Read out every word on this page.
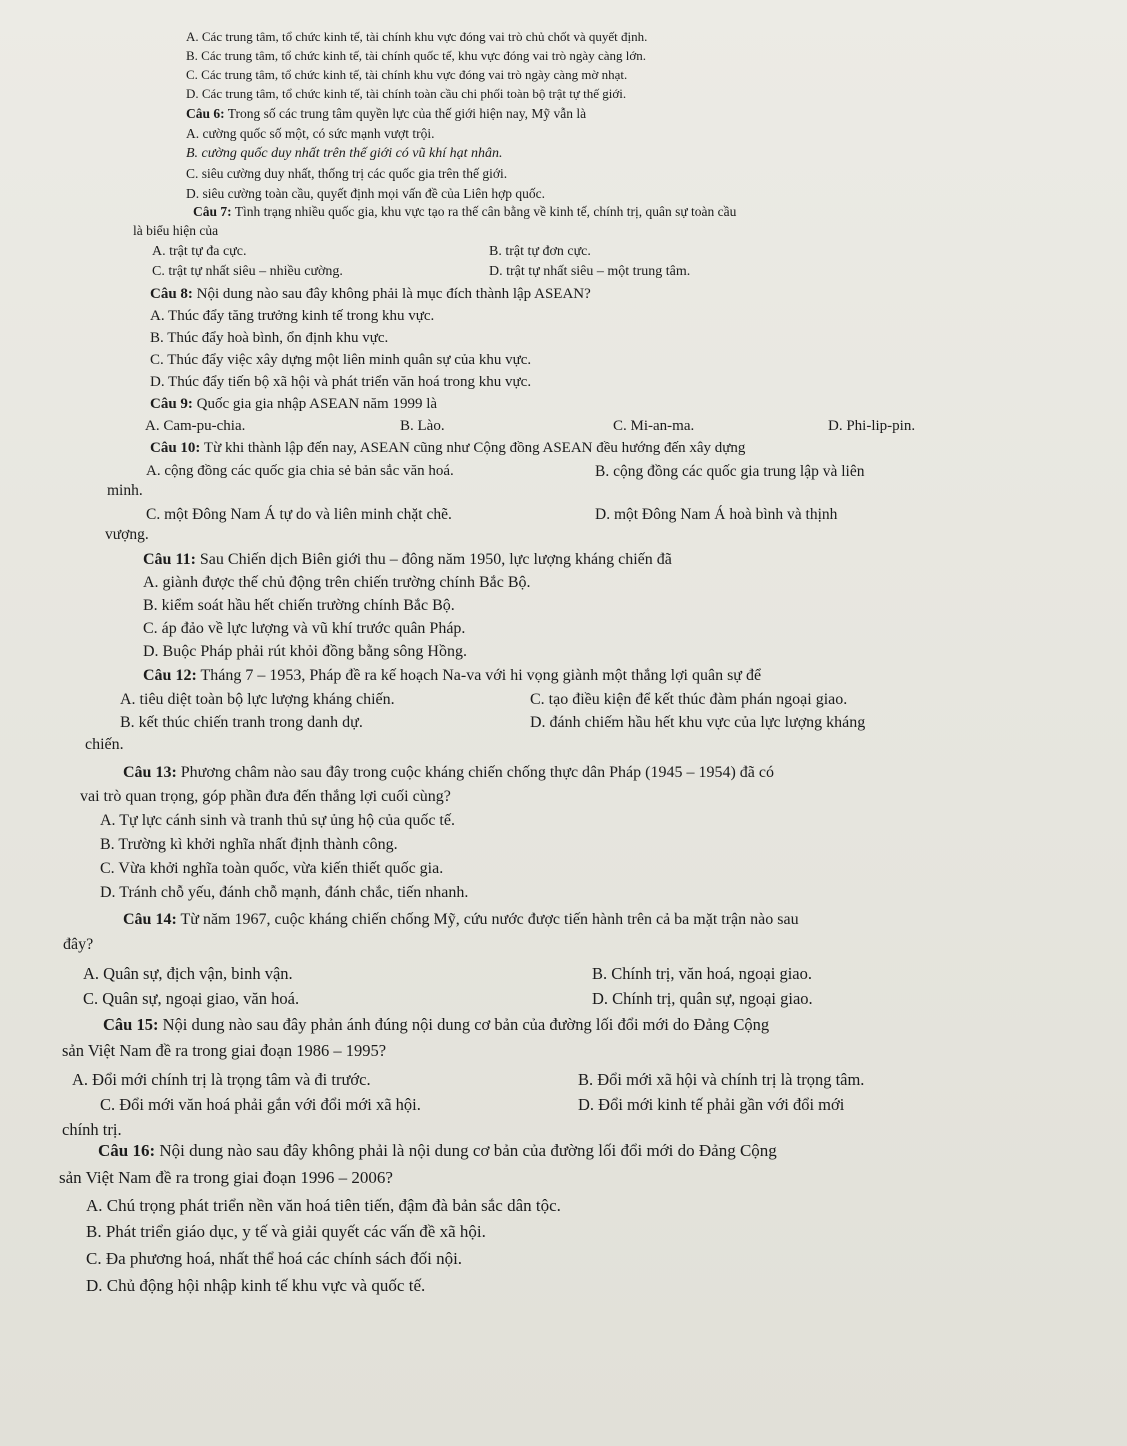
A. Các trung tâm, tổ chức kinh tế, tài chính khu vực đóng vai trò chủ chốt và quyết định.
B. Các trung tâm, tổ chức kinh tế, tài chính quốc tế, khu vực đóng vai trò ngày càng lớn.
C. Các trung tâm, tổ chức kinh tế, tài chính khu vực đóng vai trò ngày càng mờ nhạt.
D. Các trung tâm, tổ chức kinh tế, tài chính toàn cầu chi phối toàn bộ trật tự thế giới.
Câu 6: Trong số các trung tâm quyền lực của thế giới hiện nay, Mỹ vẫn là
A. cường quốc số một, có sức mạnh vượt trội.
B. cường quốc duy nhất trên thế giới có vũ khí hạt nhân.
C. siêu cường duy nhất, thống trị các quốc gia trên thế giới.
D. siêu cường toàn cầu, quyết định mọi vấn đề của Liên hợp quốc.
Câu 7: Tình trạng nhiều quốc gia, khu vực tạo ra thế cân bằng về kinh tế, chính trị, quân sự toàn cầu
là biểu hiện của
A. trật tự đa cực.	B. trật tự đơn cực.
C. trật tự nhất siêu – nhiều cường.	D. trật tự nhất siêu – một trung tâm.
Câu 8: Nội dung nào sau đây không phải là mục đích thành lập ASEAN?
A. Thúc đẩy tăng trưởng kinh tế trong khu vực.
B. Thúc đẩy hoà bình, ổn định khu vực.
C. Thúc đẩy việc xây dựng một liên minh quân sự của khu vực.
D. Thúc đẩy tiến bộ xã hội và phát triển văn hoá trong khu vực.
Câu 9: Quốc gia gia nhập ASEAN năm 1999 là
A. Cam-pu-chia.	B. Lào.	C. Mi-an-ma.	D. Phi-lip-pin.
Câu 10: Từ khi thành lập đến nay, ASEAN cũng như Cộng đồng ASEAN đều hướng đến xây dựng
A. cộng đồng các quốc gia chia sẻ bản sắc văn hoá.	B. cộng đồng các quốc gia trung lập và liên
minh.
C. một Đông Nam Á tự do và liên minh chặt chẽ.	D. một Đông Nam Á hoà bình và thịnh
vượng.
Câu 11: Sau Chiến dịch Biên giới thu – đông năm 1950, lực lượng kháng chiến đã
A. giành được thế chủ động trên chiến trường chính Bắc Bộ.
B. kiểm soát hầu hết chiến trường chính Bắc Bộ.
C. áp đảo về lực lượng và vũ khí trước quân Pháp.
D. Buộc Pháp phải rút khỏi đồng bằng sông Hồng.
Câu 12: Tháng 7 – 1953, Pháp đề ra kế hoạch Na-va với hi vọng giành một thắng lợi quân sự để
A. tiêu diệt toàn bộ lực lượng kháng chiến.	C. tạo điều kiện để kết thúc đàm phán ngoại giao.
B. kết thúc chiến tranh trong danh dự.	D. đánh chiếm hầu hết khu vực của lực lượng kháng
chiến.
Câu 13: Phương châm nào sau đây trong cuộc kháng chiến chống thực dân Pháp (1945 – 1954) đã có
vai trò quan trọng, góp phần đưa đến thắng lợi cuối cùng?
A. Tự lực cánh sinh và tranh thủ sự ủng hộ của quốc tế.
B. Trường kì khởi nghĩa nhất định thành công.
C. Vừa khởi nghĩa toàn quốc, vừa kiến thiết quốc gia.
D. Tránh chỗ yếu, đánh chỗ mạnh, đánh chắc, tiến nhanh.
Câu 14: Từ năm 1967, cuộc kháng chiến chống Mỹ, cứu nước được tiến hành trên cả ba mặt trận nào sau
đây?
A. Quân sự, địch vận, binh vận.	B. Chính trị, văn hoá, ngoại giao.
C. Quân sự, ngoại giao, văn hoá.	D. Chính trị, quân sự, ngoại giao.
Câu 15: Nội dung nào sau đây phản ánh đúng nội dung cơ bản của đường lối đổi mới do Đảng Cộng
sản Việt Nam đề ra trong giai đoạn 1986 – 1995?
A. Đổi mới chính trị là trọng tâm và đi trước.	B. Đổi mới xã hội và chính trị là trọng tâm.
C. Đổi mới văn hoá phải gắn với đổi mới xã hội.	D. Đổi mới kinh tế phải gần với đổi mới
chính trị.
Câu 16: Nội dung nào sau đây không phải là nội dung cơ bản của đường lối đổi mới do Đảng Cộng
sản Việt Nam đề ra trong giai đoạn 1996 – 2006?
A. Chú trọng phát triển nền văn hoá tiên tiến, đậm đà bản sắc dân tộc.
B. Phát triển giáo dục, y tế và giải quyết các vấn đề xã hội.
C. Đa phương hoá, nhất thể hoá các chính sách đối nội.
D. Chủ động hội nhập kinh tế khu vực và quốc tế.
